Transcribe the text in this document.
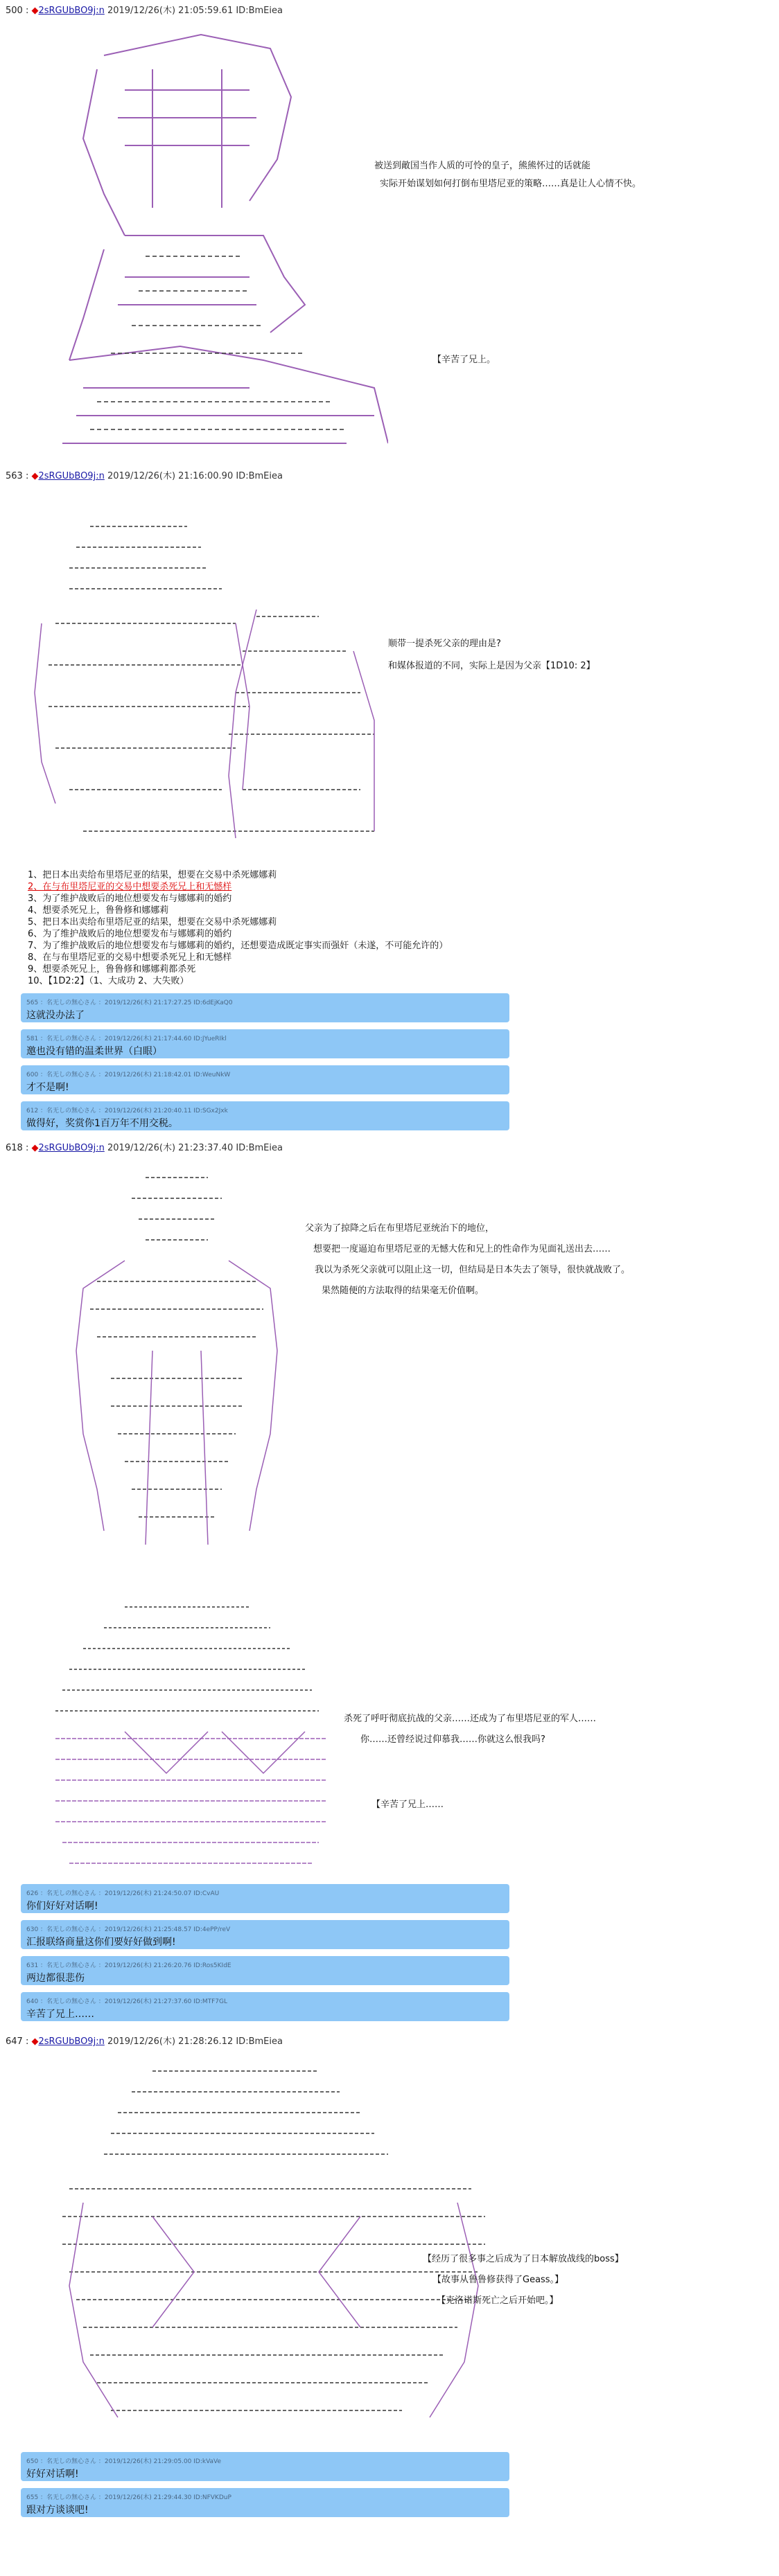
500 : ◆2sRGUbBO9j:n 2019/12/26(木) 21:05:59.61 ID:BmEiea
被送到敵国当作人质的可怜的皇子，熊熊怀过的话就能
实际开始谋划如何打倒布里塔尼亚的策略……真是让人心情不快。
【辛苦了兄上。
563 : ◆2sRGUbBO9j:n 2019/12/26(木) 21:16:00.90 ID:BmEiea
顺带一提杀死父亲的理由是?
和媒体报道的不同，实际上是因为父亲【1D10: 2】
1、把日本出卖给布里塔尼亚的结果，想要在交易中杀死娜娜莉
2、在与布里塔尼亚的交易中想要杀死兄上和无憾样
3、为了维护战败后的地位想要发布与娜娜莉的婚约
4、想要杀死兄上，鲁鲁修和娜娜莉
5、把日本出卖给布里塔尼亚的结果，想要在交易中杀死娜娜莉
6、为了维护战败后的地位想要发布与娜娜莉的婚约
7、为了维护战败后的地位想要发布与娜娜莉的婚约，还想要造成既定事实而强奸（未遂，不可能允许的）
8、在与布里塔尼亚的交易中想要杀死兄上和无憾样
9、想要杀死兄上，鲁鲁修和娜娜莉都杀死
10、【1D2:2】（1、大成功 2、大失败）
565 ：名无しの無心さん ：2019/12/26(木) 21:17:27.25 ID:6dEjKaQ0
这就没办法了
581 ：名无しの無心さん ：2019/12/26(木) 21:17:44.60 ID:JYueRIkl
邀也没有错的温柔世界（白眼）
600 ：名无しの無心さん ：2019/12/26(木) 21:18:42.01 ID:WeuNkW
才不是啊!
612 ：名无しの無心さん ：2019/12/26(木) 21:20:40.11 ID:SGx2Jxk
做得好，奖赏你1百万年不用交税。
618 : ◆2sRGUbBO9j:n 2019/12/26(木) 21:23:37.40 ID:BmEiea
父亲为了掠降之后在布里塔尼亚统治下的地位，
想要把一度逼迫布里塔尼亚的无憾大佐和兄上的性命作为见面礼送出去……
我以为杀死父亲就可以阻止这一切，但结局是日本失去了领导，很快就战败了。
果然随便的方法取得的结果毫无价值啊。
杀死了呼吁彻底抗战的父亲……还成为了布里塔尼亚的军人……
你……还曾经说过仰慕我……你就这么恨我吗?
【辛苦了兄上……
626 ：名无しの無心さん ：2019/12/26(木) 21:24:50.07 ID:CvAU
你们好好对话啊!
630 ：名无しの無心さん ：2019/12/26(木) 21:25:48.57 ID:4ePP/reV
汇报联络商量这你们要好好做到啊!
631 ：名无しの無心さん ：2019/12/26(木) 21:26:20.76 ID:Ros5KIdE
两边都很悲伤
640 ：名无しの無心さん ：2019/12/26(木) 21:27:37.60 ID:MTF7GL
辛苦了兄上……
647 : ◆2sRGUbBO9j:n 2019/12/26(木) 21:28:26.12 ID:BmEiea
【经历了很多事之后成为了日本解放战线的boss】
【故事从鲁鲁修获得了Geass。】
【克洛诺斯死亡之后开始吧。】
650 ：名无しの無心さん ：2019/12/26(木) 21:29:05.00 ID:kVaVe
好好对话啊!
655 ：名无しの無心さん ：2019/12/26(木) 21:29:44.30 ID:NFVKDuP
跟对方谈谈吧!
